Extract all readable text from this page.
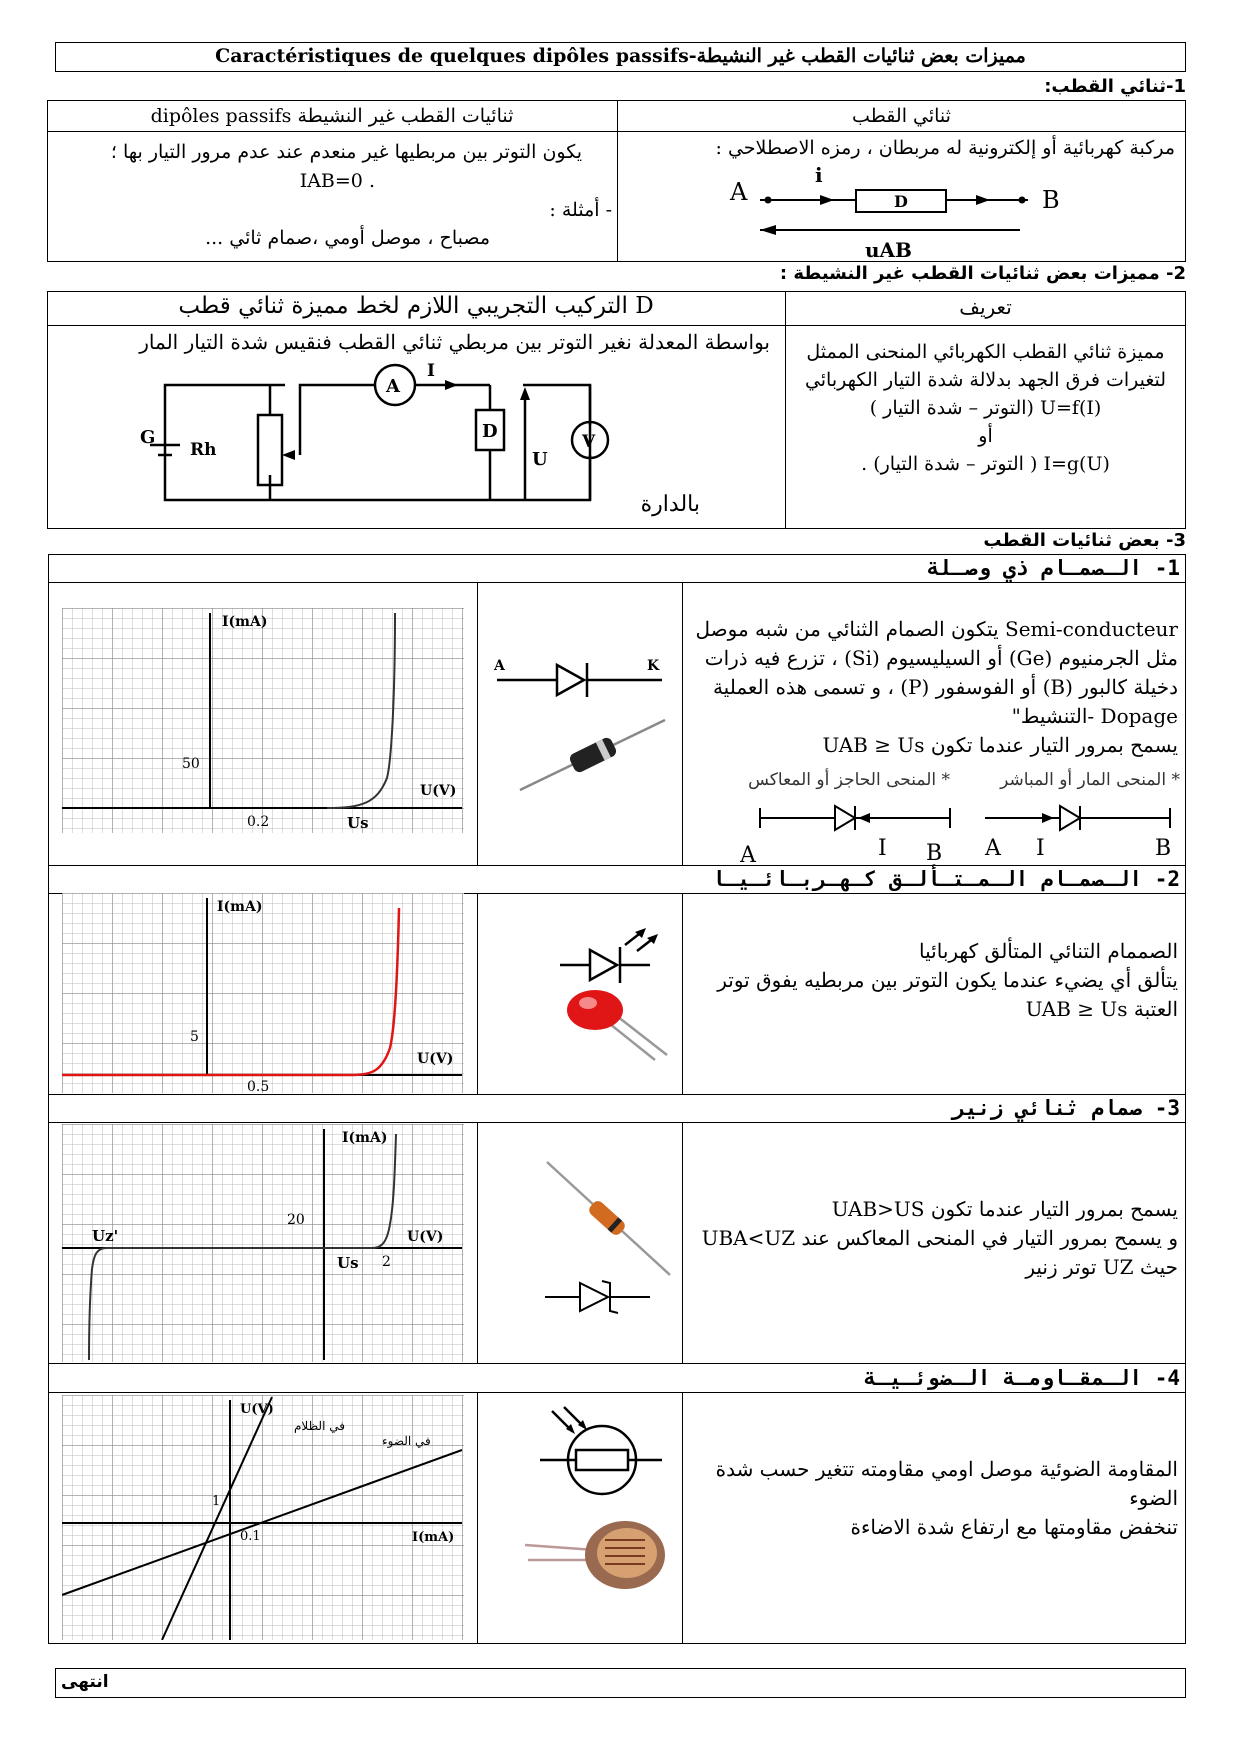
Caractéristiques de quelques dipôles passifs-مميزات بعض ثنائيات القطب غير النشيطة
1-ثنائي القطب:
ثنائي القطب
dipôles passifs ثنائيات القطب غير النشيطة
مركبة كهربائية أو إلكترونية له مربطان ، رمزه الاصطلاحي :
A
i
D	B
uAB
يكون التوتر بين مربطيها غير منعدم عند عدم مرور التيار بها ؛
. IAB=0
- أمثلة :
مصباح ، موصل أومي ،صمام ثائي ...
2- مميزات بعض ثنائيات القطب غير النشيطة :
تعريف
التركيب التجريبي اللازم لخط مميزة ثنائي قطب D
مميزة ثنائي القطب الكهربائي المنحنى الممثل
لتغيرات فرق الجهد بدلالة شدة التيار الكهربائي
( التوتر – شدة التيار) U=f(I)
أو
. (التوتر – شدة التيار ) I=g(U)
بواسطة المعدلة نغير التوتر بين مربطي ثنائي القطب فنقيس شدة التيار المار
بالدارة
G
Rh
A
I
D
U
V
3- بعض ثنائيات القطب
1- الـصمـام ذي وصـلة
2- الـصمـام الـمـتـألـق كـهـربـائـيـا
3- صمام ثنائي زنير
4- الـمقـاومـة الـضوئـيـة
Semi-conducteur يتكون الصمام الثنائي من شبه موصل
مثل الجرمنيوم (Ge) أو السيليسيوم (Si) ، تزرع فيه ذرات
دخيلة كالبور (B) أو الفوسفور (P) ، و تسمى هذه العملية
Dopage -التنشيط"
يسمح بمرور التيار عندما تكون UAB ≥ Us
* المنحى المار أو المباشر
* المنحى الحاجز أو المعاكس
A	I B A I	B
A	K
I(mA)
U(V)
50
0.2	Us
الصممام التنائي المتألق كهربائيا
يتألق أي يضيء عندما يكون التوتر بين مربطيه يفوق توتر
العتبة UAB ≥ Us
I(mA)
U(V)
5
0.5
يسمح بمرور التيار عندما تكون UAB>US
و يسمح بمرور التيار في المنحى المعاكس عند UBA<UZ
حيث UZ توتر زنير
I(mA)
U(V)
20
2
Us
Uz'
المقاومة الضوئية موصل اومي مقاومته تتغير حسب شدة
الضوء
تنخفض مقاومتها مع ارتفاع شدة الاضاءة
U(V)
I(mA)
1
0.1
في الظلام
في الضوء
انتهى
